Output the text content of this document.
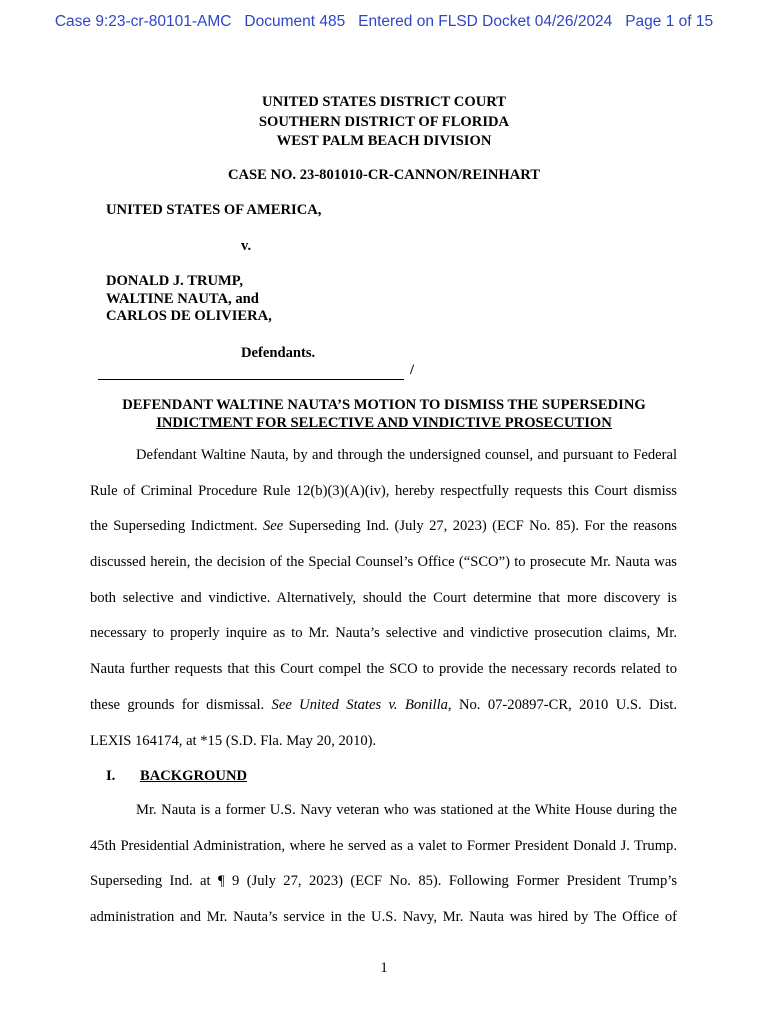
Case 9:23-cr-80101-AMC   Document 485   Entered on FLSD Docket 04/26/2024   Page 1 of 15
UNITED STATES DISTRICT COURT
SOUTHERN DISTRICT OF FLORIDA
WEST PALM BEACH DIVISION
CASE NO. 23-801010-CR-CANNON/REINHART
UNITED STATES OF AMERICA,
v.
DONALD J. TRUMP,
WALTINE NAUTA, and
CARLOS DE OLIVIERA,
Defendants.
/
DEFENDANT WALTINE NAUTA’S MOTION TO DISMISS THE SUPERSEDING
INDICTMENT FOR SELECTIVE AND VINDICTIVE PROSECUTION
Defendant Waltine Nauta, by and through the undersigned counsel, and pursuant to Federal
Rule of Criminal Procedure Rule 12(b)(3)(A)(iv), hereby respectfully requests this Court dismiss
the Superseding Indictment. See Superseding Ind. (July 27, 2023) (ECF No. 85). For the reasons
discussed herein, the decision of the Special Counsel’s Office (“SCO”) to prosecute Mr. Nauta was
both selective and vindictive. Alternatively, should the Court determine that more discovery is
necessary to properly inquire as to Mr. Nauta’s selective and vindictive prosecution claims, Mr.
Nauta further requests that this Court compel the SCO to provide the necessary records related to
these grounds for dismissal. See United States v. Bonilla, No. 07-20897-CR, 2010 U.S. Dist.
LEXIS 164174, at *15 (S.D. Fla. May 20, 2010).
I. BACKGROUND
Mr. Nauta is a former U.S. Navy veteran who was stationed at the White House during the
45th Presidential Administration, where he served as a valet to Former President Donald J. Trump.
Superseding Ind. at ¶ 9 (July 27, 2023) (ECF No. 85). Following Former President Trump’s
administration and Mr. Nauta’s service in the U.S. Navy, Mr. Nauta was hired by The Office of
1
